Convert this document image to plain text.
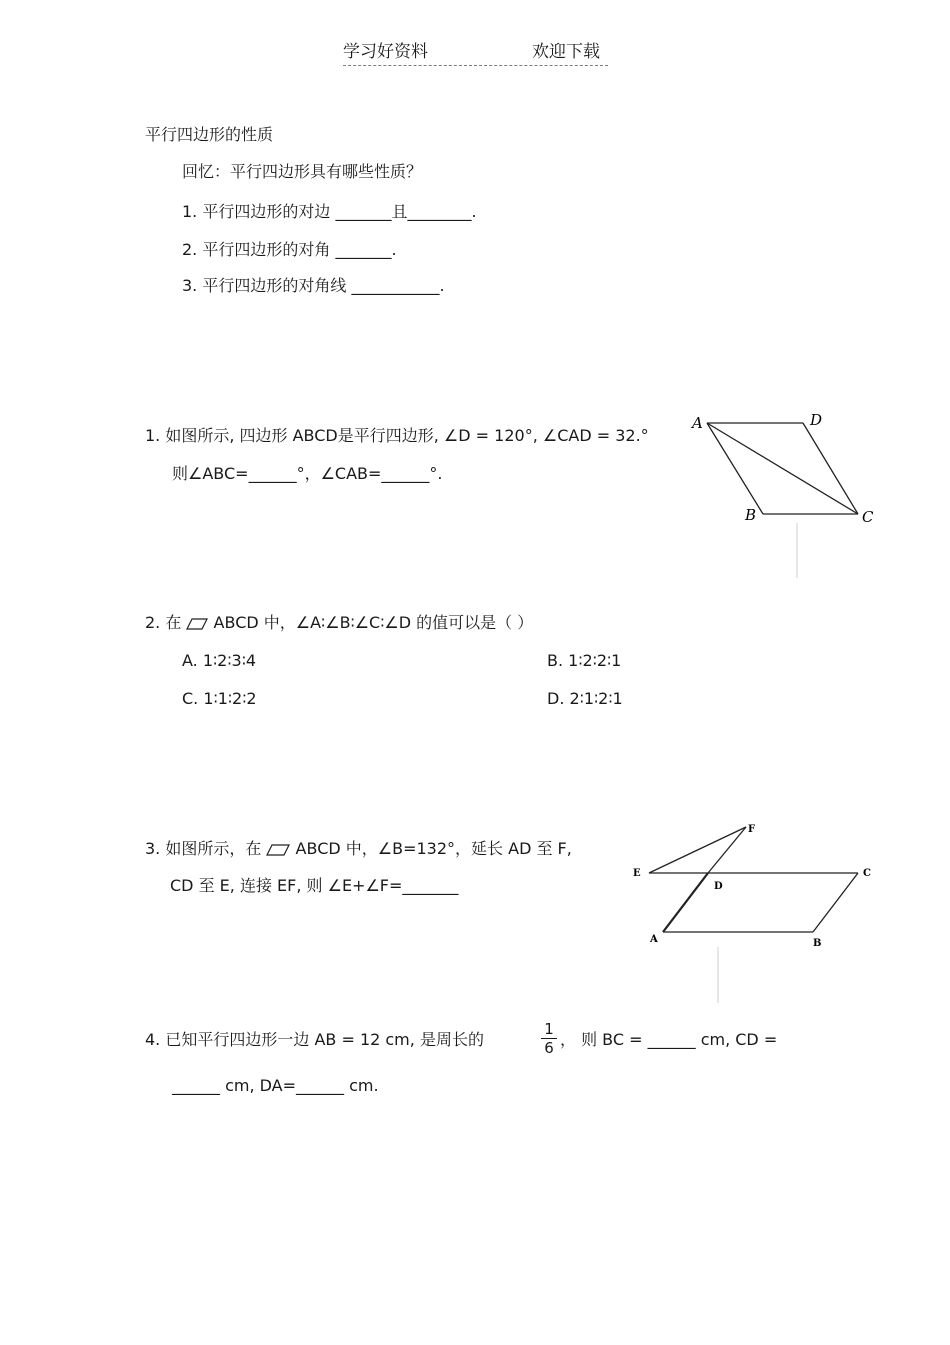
学习好资料	欢迎下载
平行四边形的性质
回忆：平行四边形具有哪些性质？
1. 平行四边形的对边 _______且________.
2. 平行四边形的对角 _______.
3. 平行四边形的对角线 ___________.
1. 如图所示, 四边形 ABCD是平行四边形, ∠D = 120°, ∠CAD = 32.°
则∠ABC=______°，∠CAB=______°.
A	D
B	C
2. 在 ABCD 中，∠A∶∠B∶∠C∶∠D 的值可以是（ ）
A. 1∶2∶3∶4	B. 1∶2∶2∶1
C. 1∶1∶2∶2	D. 2∶1∶2∶1
3. 如图所示，在 ABCD 中，∠B=132°，延长 AD 至 F,
CD 至 E, 连接 EF, 则 ∠E+∠F=_______
A	B
C
D
E
F
4. 已知平行四边形一边 AB = 12 cm, 是周长的
1
6 ， 则 BC = ______ cm, CD =
______ cm, DA=______ cm.
